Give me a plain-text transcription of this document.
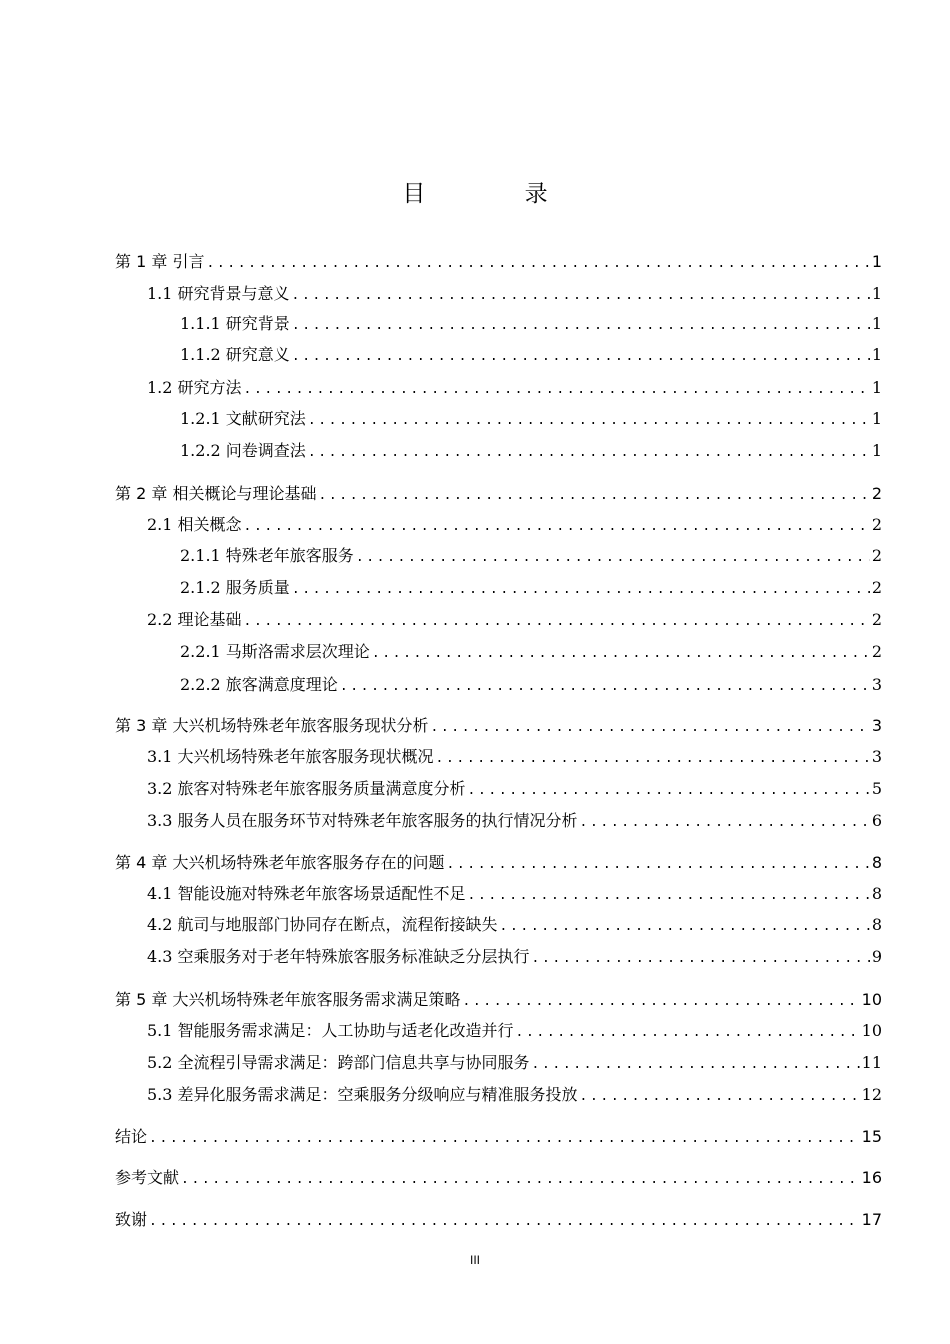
目 录
第 1 章 引言 .....	1
1.1 研究背景与意义 .....	1
1.1.1 研究背景 .....	1
1.1.2 研究意义 .....	1
1.2 研究方法 .....	1
1.2.1 文献研究法 .....	1
1.2.2 问卷调查法 .....	1
第 2 章 相关概论与理论基础 .....	2
2.1 相关概念 .....	2
2.1.1 特殊老年旅客服务 .....	2
2.1.2 服务质量 .....	2
2.2 理论基础 .....	2
2.2.1 马斯洛需求层次理论 .....	2
2.2.2 旅客满意度理论 .....	3
第 3 章 大兴机场特殊老年旅客服务现状分析 .....	3
3.1 大兴机场特殊老年旅客服务现状概况 .....	3
3.2 旅客对特殊老年旅客服务质量满意度分析 .....	5
3.3 服务人员在服务环节对特殊老年旅客服务的执行情况分析 .....	6
第 4 章 大兴机场特殊老年旅客服务存在的问题 .....	8
4.1 智能设施对特殊老年旅客场景适配性不足 .....	8
4.2 航司与地服部门协同存在断点，流程衔接缺失 .....	8
4.3 空乘服务对于老年特殊旅客服务标准缺乏分层执行 .....	9
第 5 章 大兴机场特殊老年旅客服务需求满足策略 .....	10
5.1 智能服务需求满足：人工协助与适老化改造并行 .....	10
5.2 全流程引导需求满足：跨部门信息共享与协同服务 .....	11
5.3 差异化服务需求满足：空乘服务分级响应与精准服务投放 .....	12
结论 .....	15
参考文献 .....	16
致谢 .....	17
III
